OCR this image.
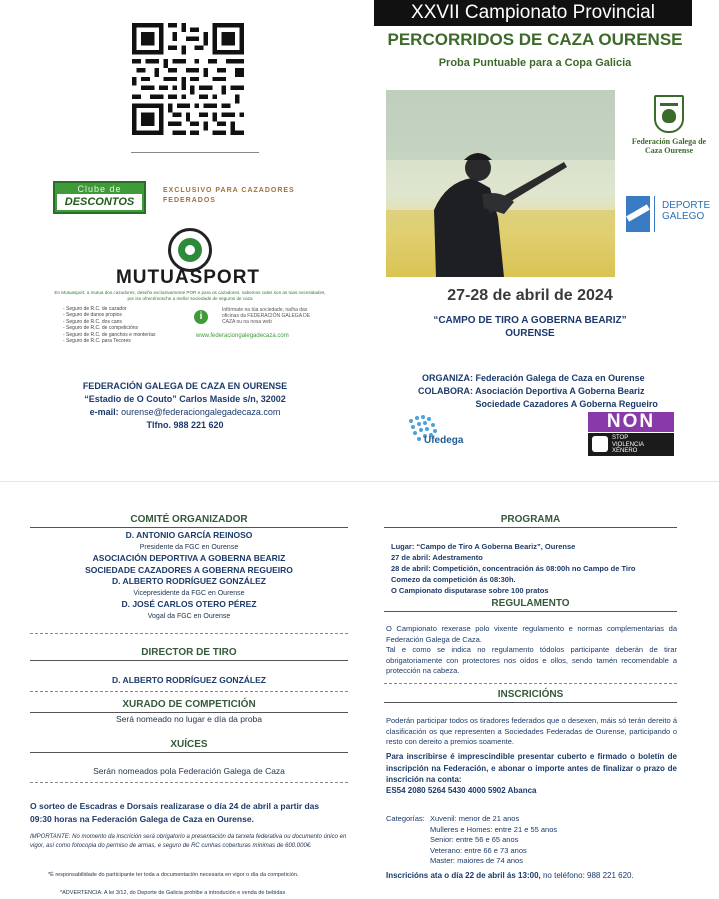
Clube de
DESCONTOS
EXCLUSIVO PARA CAZADORES FEDERADOS
MUTUASPORT
En Mutuasport, a mutua dos cazadores, deseño exclusivamente POR e para os cazadores, sabemos cales son as túas necesidades, por iso ofrecémosche a mellor sociedade de seguros de caza
- Seguro de R.C. de cazador
- Seguro de danos propios
- Seguro de R.C. dos cans
- Seguro de R.C. de competicións
- Seguro de R.C. de ganchos e monterías
- Seguro de R.C. para Tecores
i
Infórmate na túa sociedade, na/ha das oficinas da FEDERACIÓN GALEGA DE CAZA ou na nosa web
www.federaciongalegadecaza.com
FEDERACIÓN GALEGA DE CAZA EN OURENSE
“Estadio de O Couto” Carlos Maside s/n, 32002
e-mail: ourense@federaciongalegadecaza.com
Tlfno. 988 221 620
XXVII Campionato Provincial
PERCORRIDOS DE CAZA OURENSE
Proba Puntuable para a Copa Galicia
Federación Galega de Caza Ourense
DEPORTE
GALEGO
27-28 de abril de 2024
“CAMPO DE TIRO A GOBERNA BEARIZ”
OURENSE
ORGANIZA: Federación Galega de Caza en Ourense
COLABORA: Asociación Deportiva A Goberna Beariz
Sociedade Cazadores A Goberna Regueiro
Ufedega
NON
STOP
VIOLENCIA
XÉNERO
COMITÉ ORGANIZADOR
D. ANTONIO GARCÍA REINOSO
Presidente da FGC en Ourense
ASOCIACIÓN DEPORTIVA A GOBERNA BEARIZ
SOCIEDADE CAZADORES A GOBERNA REGUEIRO
D. ALBERTO RODRÍGUEZ GONZÁLEZ
Vicepresidente da FGC en Ourense
D. JOSÉ CARLOS OTERO PÉREZ
Vogal da FGC en Ourense
DIRECTOR DE TIRO
D. ALBERTO RODRÍGUEZ GONZÁLEZ
XURADO DE COMPETICIÓN
Será nomeado no lugar e día da proba
XUÍCES
Serán nomeados pola Federación Galega de Caza
O sorteo de Escadras e Dorsais realizarase o día 24 de abril a partir das
09:30 horas na Federación Galega de Caza en Ourense.
IMPORTANTE: No momento da inscrición será obrigatorio a presentación da tarxeta federativa ou documento único en vigor, así como fotocopia do permiso de armas, e seguro de RC cunhas coberturas mínimas de 600.000€.
*É responsabilidade do participante ter toda a documentación necesaria en vigor o día da competición.
*ADVERTENCIA: A lei 3/12, do Deporte de Galicia prohibe a introdución e venda de bebidas
PROGRAMA
Lugar: “Campo de Tiro A Goberna Beariz”, Ourense
27 de abril: Adestramento
28 de abril: Competición, concentración ás 08:00h no Campo de Tiro
Comezo da competición ás 08:30h.
O Campionato disputarase sobre 100 pratos
REGULAMENTO
O Campionato rexerase polo vixente regulamento e normas complementarias da Federación Galega de Caza.
Tal e como se indica no regulamento tódolos participante deberán de tirar obrigatoriamente con protectores nos oídos e ollos, sendo tamén recomendable a protección na cabeza.
INSCRICIÓNS
Poderán participar todos os tiradores federados que o desexen, máis só terán dereito á clasificación os que representen a Sociedades Federadas de Ourense, participando o resto con dereito a premios soamente.
Para inscribirse é imprescindible presentar cuberto e firmado o boletín de inscripción na Federación, e abonar o importe antes de finalizar o prazo de inscrición na conta:
ES54 2080 5264 5430 4000 5902 Abanca
Categorías: Xuvenil: menor de 21 anos
Mulleres e Homes: entre 21 e 55 anos
Senior: entre 56 e 65 anos
Veterano: entre 66 e 73 anos
Master: maiores de 74 anos
Inscricións ata o día 22 de abril ás 13:00, no teléfono: 988 221 620.
